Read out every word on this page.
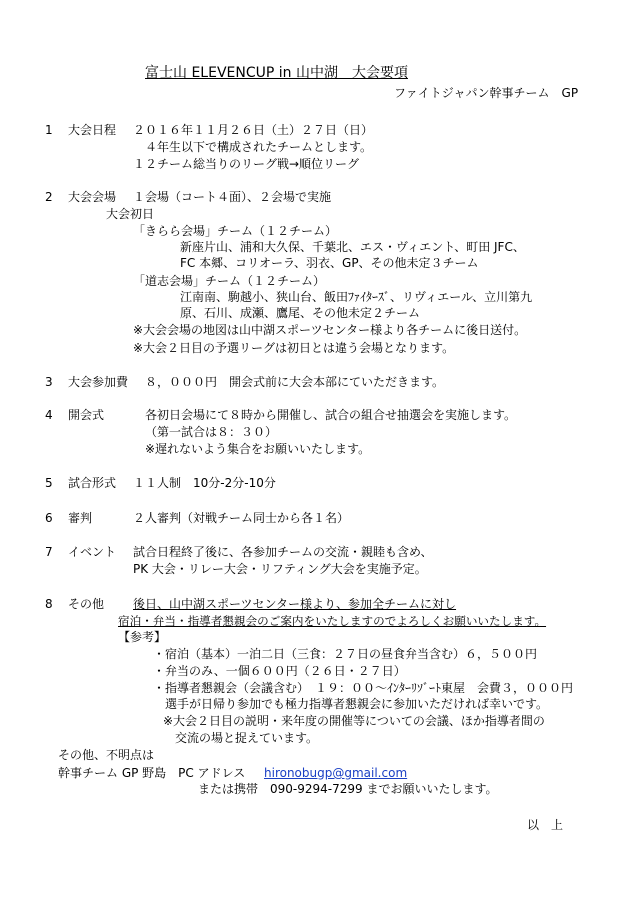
富士山 ELEVENCUP in 山中湖　大会要項
ファイトジャパン幹事チーム　GP
1 大会日程 ２０１６年１１月２６日（土）２７日（日）
４年生以下で構成されたチームとします。
１２チーム総当りのリーグ戦→順位リーグ
2 大会会場 １会場（コート４面）、２会場で実施
大会初日
「きらら会場」チーム（１２チーム）
新座片山、浦和大久保、千葉北、エス・ヴィエント、町田 JFC、
FC 本郷、コリオーラ、羽衣、GP、その他未定３チーム
「道志会場」チーム（１２チーム）
江南南、駒越小、狭山台、飯田ﾌｧｲﾀｰｽﾞ、リヴィエール、立川第九
原、石川、成瀬、鷹尾、その他未定２チーム
※大会会場の地図は山中湖スポーツセンター様より各チームに後日送付。
※大会２日目の予選リーグは初日とは違う会場となります。
3 大会参加費 ８，０００円　開会式前に大会本部にていただきます。
4 開会式	各初日会場にて８時から開催し、試合の組合せ抽選会を実施します。
（第一試合は８：３０）
※遅れないよう集合をお願いいたします。
5 試合形式 １１人制　10分-2分-10分
6 審判	２人審判（対戦チーム同士から各１名）
7 イベント 試合日程終了後に、各参加チームの交流・親睦も含め、
PK 大会・リレー大会・リフティング大会を実施予定。
8 その他 後日、山中湖スポーツセンター様より、参加全チームに対し
宿泊・弁当・指導者懇親会のご案内をいたしますのでよろしくお願いいたします。
【参考】
・宿泊（基本）一泊二日（三食：２７日の昼食弁当含む）６，５００円
・弁当のみ、一個６００円（２６日・２７日）
・指導者懇親会（会議含む）　１９：００～ｲﾝﾀｰﾘｿﾞｰﾄ東屋　会費３，０００円
選手が日帰り参加でも極力指導者懇親会に参加いただければ幸いです。
※大会２日目の説明・来年度の開催等についての会議、ほか指導者間の
交流の場と捉えています。
その他、不明点は
幹事チーム GP 野島　PC アドレス hironobugp@gmail.com
または携帯　090-9294-7299 までお願いいたします。
以　上
